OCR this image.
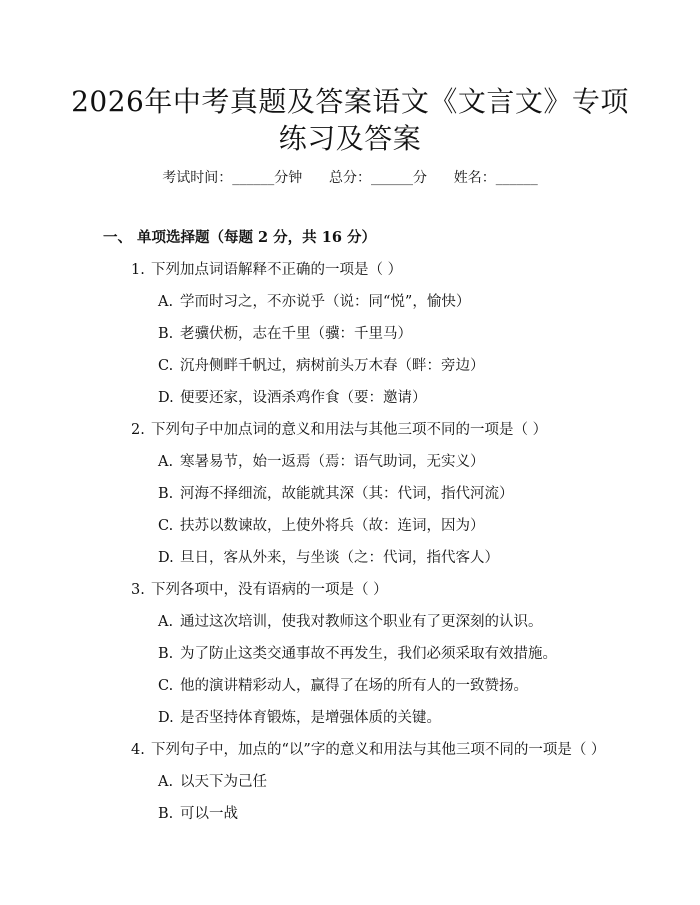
2026年中考真题及答案语文《文言文》专项
练习及答案
考试时间：______分钟      总分：______分      姓名：______
一、 单项选择题（每题 2 分，共 16 分）
1. 下列加点词语解释不正确的一项是（ ）
A. 学而时习之，不亦说乎（说：同“悦”，愉快）
B. 老骥伏枥，志在千里（骥：千里马）
C. 沉舟侧畔千帆过，病树前头万木春（畔：旁边）
D. 便要还家，设酒杀鸡作食（要：邀请）
2. 下列句子中加点词的意义和用法与其他三项不同的一项是（ ）
A. 寒暑易节，始一返焉（焉：语气助词，无实义）
B. 河海不择细流，故能就其深（其：代词，指代河流）
C. 扶苏以数谏故，上使外将兵（故：连词，因为）
D. 旦日，客从外来，与坐谈（之：代词，指代客人）
3. 下列各项中，没有语病的一项是（ ）
A. 通过这次培训，使我对教师这个职业有了更深刻的认识。
B. 为了防止这类交通事故不再发生，我们必须采取有效措施。
C. 他的演讲精彩动人，赢得了在场的所有人的一致赞扬。
D. 是否坚持体育锻炼，是增强体质的关键。
4. 下列句子中，加点的“以”字的意义和用法与其他三项不同的一项是（ ）
A. 以天下为己任
B. 可以一战
